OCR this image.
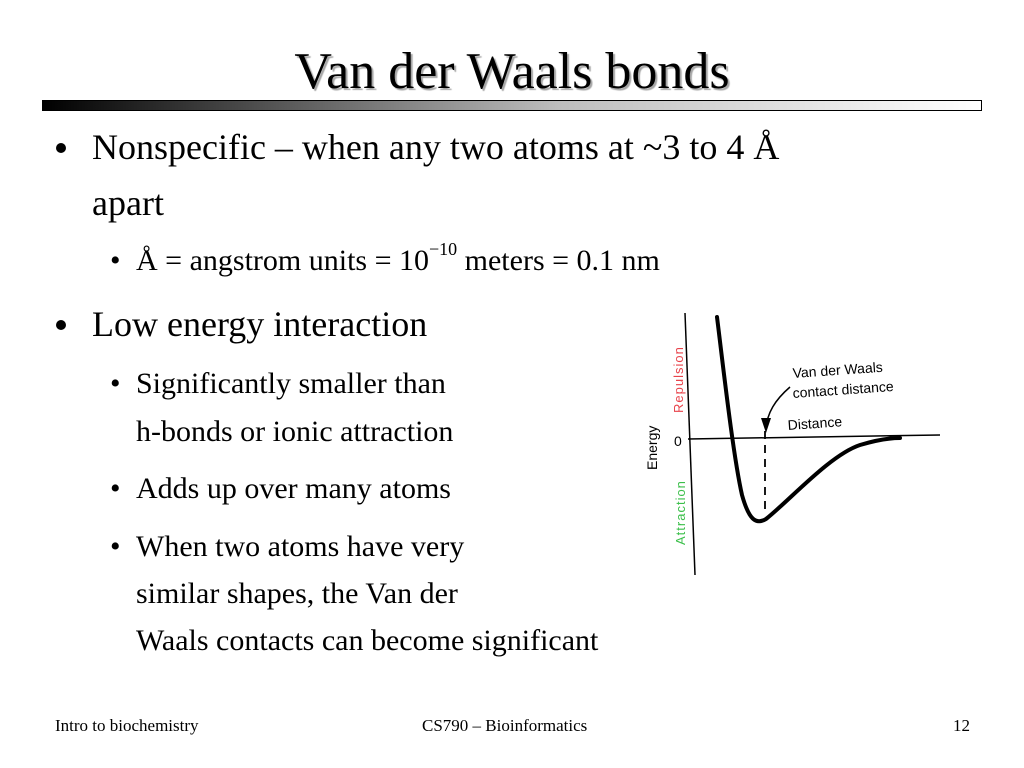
Van der Waals bonds
Nonspecific – when any two atoms at ~3 to 4 Å
apart
• Å = angstrom units = $10^{-10}$ meters = 0.1 nm
Low energy interaction
• Significantly smaller than
h-bonds or ionic attraction
• Adds up over many atoms
• When two atoms have very
similar shapes, the Van der
Waals contacts can become significant
Van der Waals
contact distance
Distance
0
Energy
Repulsion
Attraction
Intro to biochemistry	CS790 – Bioinformatics	12
